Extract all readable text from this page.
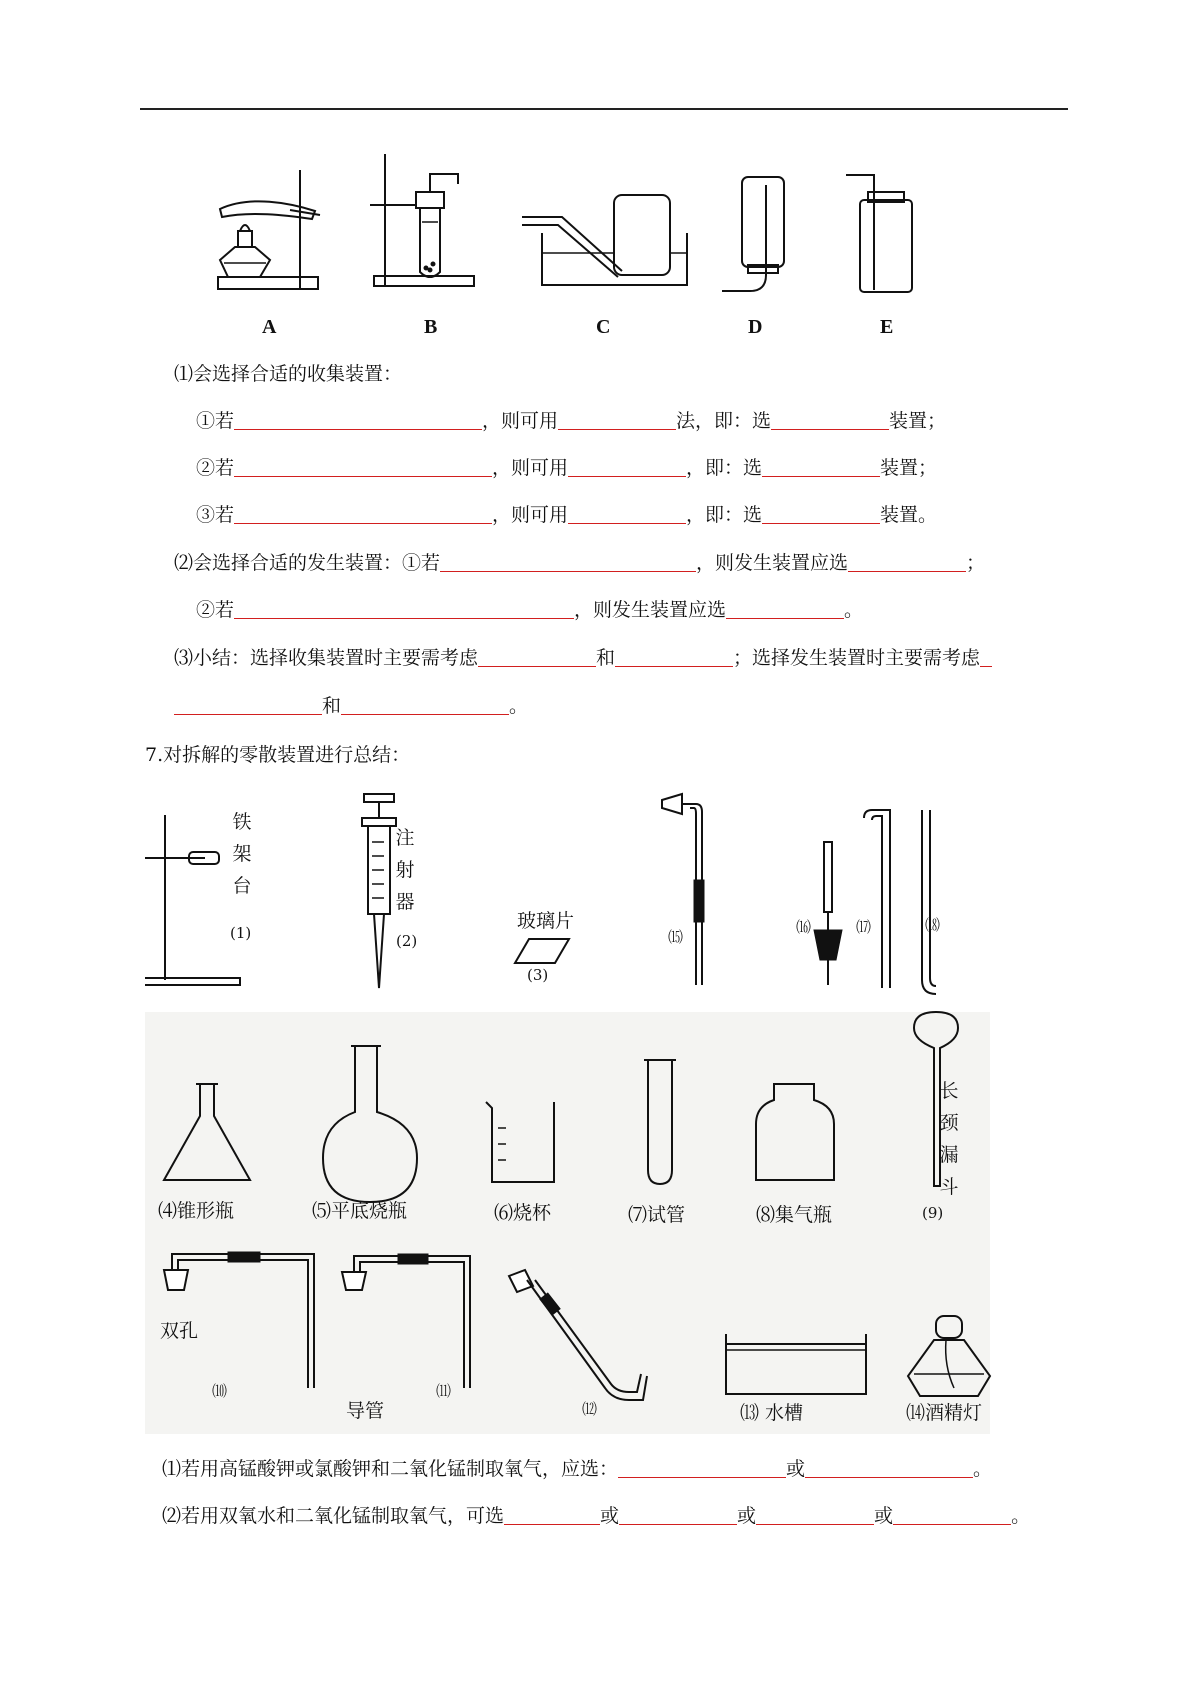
A	B	C	D	E
⑴会选择合适的收集装置：
①若	，则可用	法，即：选	装置；
②若	，则可用	，即：选	装置；
③若	，则可用	，即：选	装置。
⑵会选择合适的发生装置：①若	，则发生装置应选	；
②若	，则发生装置应选	。
⑶小结：选择收集装置时主要需考虑	和	；选择发生装置时主要需考虑
和	。
7.对拆解的零散装置进行总结：
铁架台
(1)
注射器
(2)
玻璃片
(3)
⒂
⒃	⒄	⒅
⑷锥形瓶	⑸平底烧瓶	⑹烧杯	⑺试管	⑻集气瓶
长颈漏斗
(9)
双孔
⑽
导管
⑾
⑿	⒀ 水槽	⒁酒精灯
⑴若用高锰酸钾或氯酸钾和二氧化锰制取氧气，应选：	或	。
⑵若用双氧水和二氧化锰制取氧气，可选	或	或	或	。
